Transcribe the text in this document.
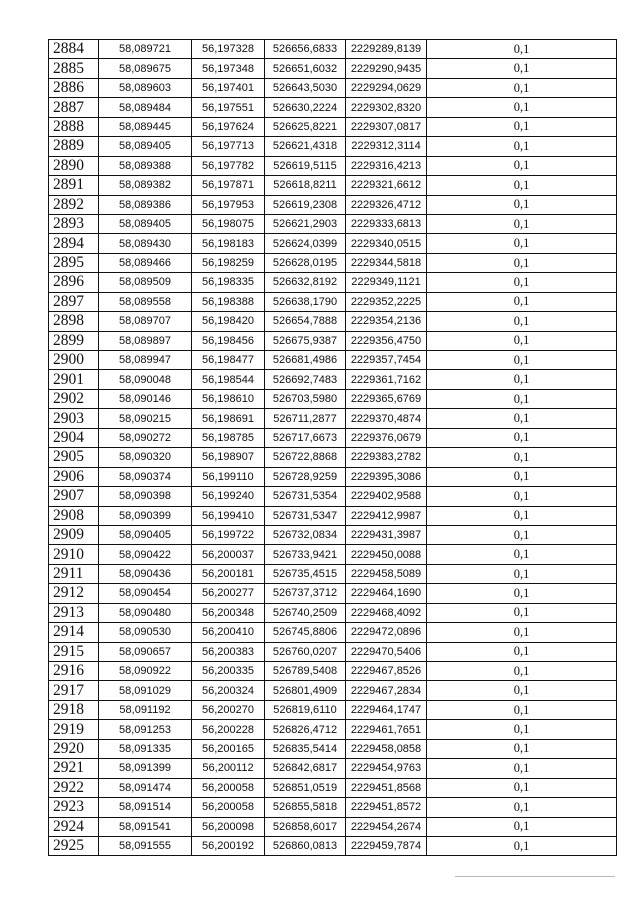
2884	58,089721	56,197328	526656,6833	2229289,8139	0,1
2885	58,089675	56,197348	526651,6032	2229290,9435	0,1
2886	58,089603	56,197401	526643,5030	2229294,0629	0,1
2887	58,089484	56,197551	526630,2224	2229302,8320	0,1
2888	58,089445	56,197624	526625,8221	2229307,0817	0,1
2889	58,089405	56,197713	526621,4318	2229312,3114	0,1
2890	58,089388	56,197782	526619,5115	2229316,4213	0,1
2891	58,089382	56,197871	526618,8211	2229321,6612	0,1
2892	58,089386	56,197953	526619,2308	2229326,4712	0,1
2893	58,089405	56,198075	526621,2903	2229333,6813	0,1
2894	58,089430	56,198183	526624,0399	2229340,0515	0,1
2895	58,089466	56,198259	526628,0195	2229344,5818	0,1
2896	58,089509	56,198335	526632,8192	2229349,1121	0,1
2897	58,089558	56,198388	526638,1790	2229352,2225	0,1
2898	58,089707	56,198420	526654,7888	2229354,2136	0,1
2899	58,089897	56,198456	526675,9387	2229356,4750	0,1
2900	58,089947	56,198477	526681,4986	2229357,7454	0,1
2901	58,090048	56,198544	526692,7483	2229361,7162	0,1
2902	58,090146	56,198610	526703,5980	2229365,6769	0,1
2903	58,090215	56,198691	526711,2877	2229370,4874	0,1
2904	58,090272	56,198785	526717,6673	2229376,0679	0,1
2905	58,090320	56,198907	526722,8868	2229383,2782	0,1
2906	58,090374	56,199110	526728,9259	2229395,3086	0,1
2907	58,090398	56,199240	526731,5354	2229402,9588	0,1
2908	58,090399	56,199410	526731,5347	2229412,9987	0,1
2909	58,090405	56,199722	526732,0834	2229431,3987	0,1
2910	58,090422	56,200037	526733,9421	2229450,0088	0,1
2911	58,090436	56,200181	526735,4515	2229458,5089	0,1
2912	58,090454	56,200277	526737,3712	2229464,1690	0,1
2913	58,090480	56,200348	526740,2509	2229468,4092	0,1
2914	58,090530	56,200410	526745,8806	2229472,0896	0,1
2915	58,090657	56,200383	526760,0207	2229470,5406	0,1
2916	58,090922	56,200335	526789,5408	2229467,8526	0,1
2917	58,091029	56,200324	526801,4909	2229467,2834	0,1
2918	58,091192	56,200270	526819,6110	2229464,1747	0,1
2919	58,091253	56,200228	526826,4712	2229461,7651	0,1
2920	58,091335	56,200165	526835,5414	2229458,0858	0,1
2921	58,091399	56,200112	526842,6817	2229454,9763	0,1
2922	58,091474	56,200058	526851,0519	2229451,8568	0,1
2923	58,091514	56,200058	526855,5818	2229451,8572	0,1
2924	58,091541	56,200098	526858,6017	2229454,2674	0,1
2925	58,091555	56,200192	526860,0813	2229459,7874	0,1
